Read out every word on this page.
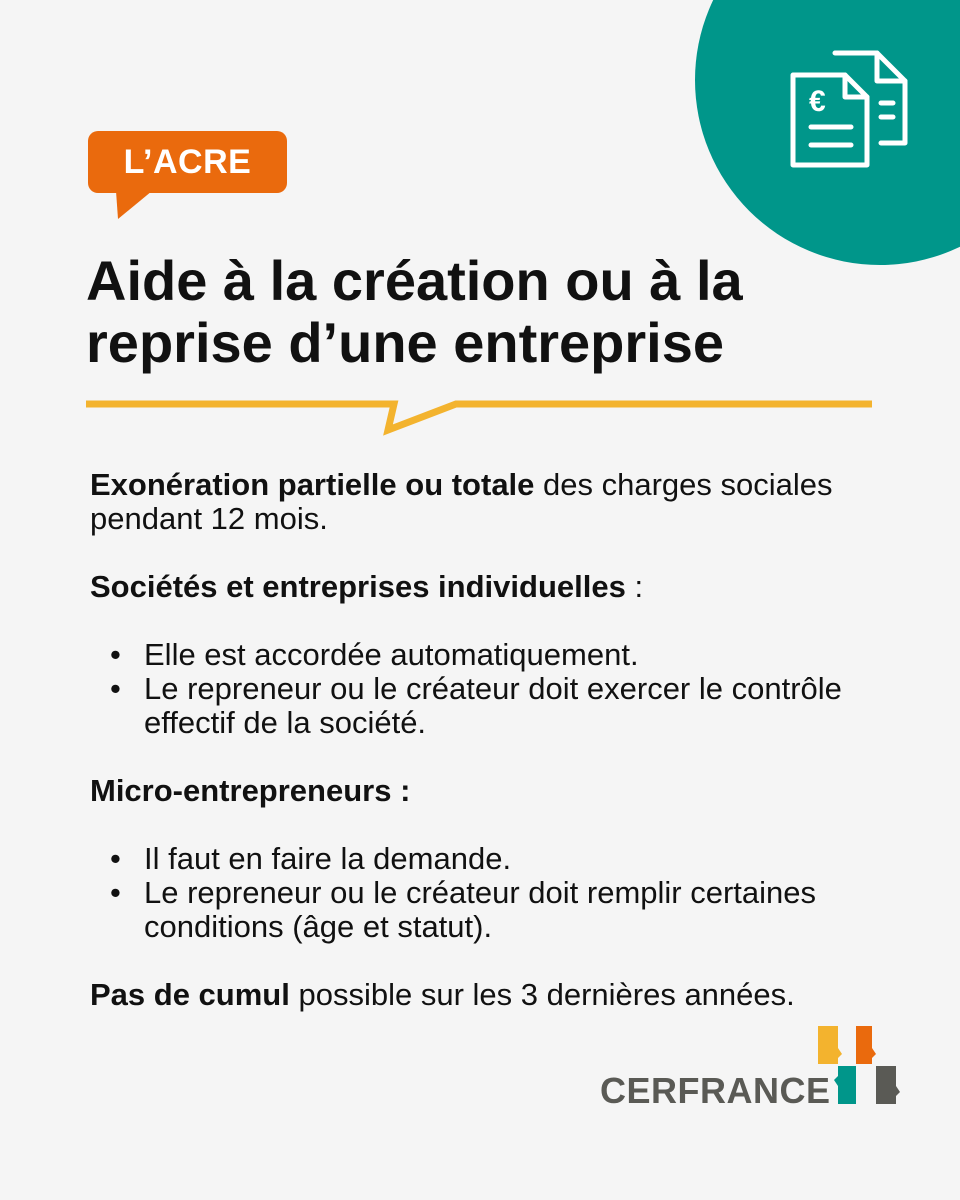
€
L’ACRE
Aide à la création ou à la reprise d’une entreprise

Exonération partielle ou totale des charges sociales pendant 12 mois.

Sociétés et entreprises individuelles :

• Elle est accordée automatiquement.
• Le repreneur ou le créateur doit exercer le contrôle effectif de la société.

Micro-entrepreneurs :

• Il faut en faire la demande.
• Le repreneur ou le créateur doit remplir certaines conditions (âge et statut).

Pas de cumul possible sur les 3 dernières années.

CERFRANCE
